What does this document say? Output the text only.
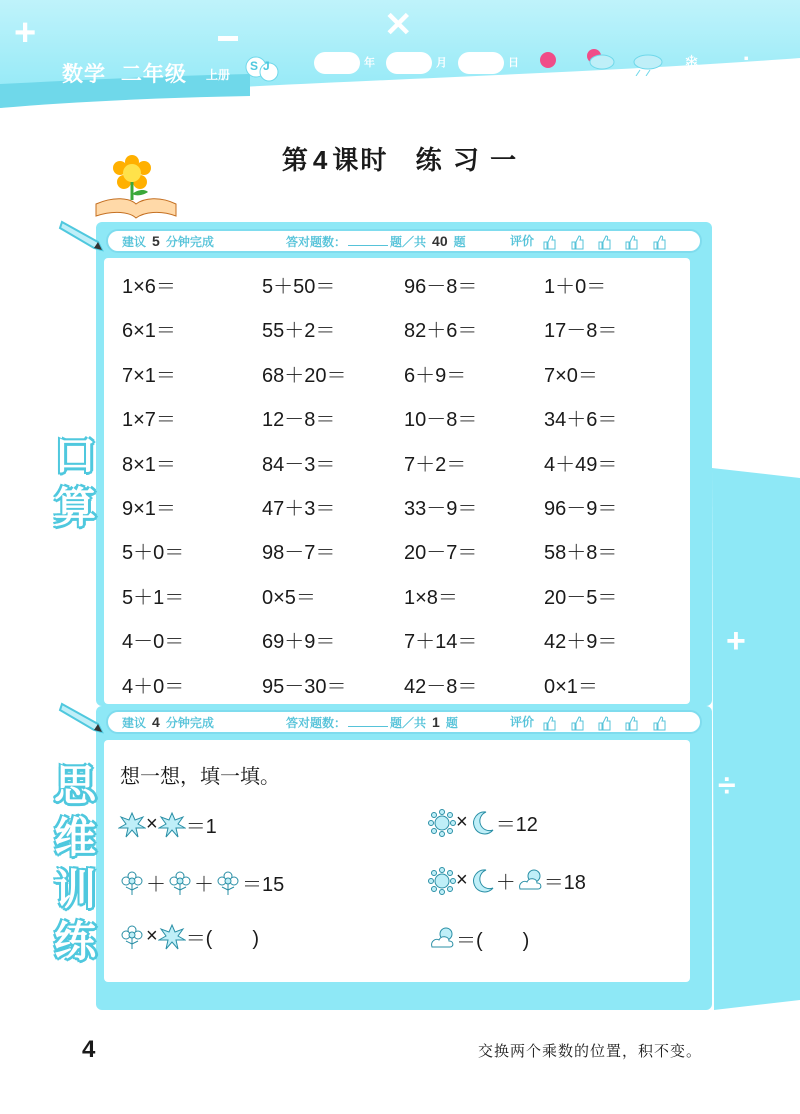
+	✕
÷
数学 二年级 上册
SJ	年	月	日	❄
+
÷
第 4 课时 练 习 一
建议 5 分钟完成	答对题数：	题／共 40 题	评价
口算
1×6＝	5＋50＝	96－8＝	1＋0＝
6×1＝	55＋2＝	82＋6＝	17－8＝
7×1＝	68＋20＝	6＋9＝	7×0＝
1×7＝	12－8＝	10－8＝	34＋6＝
8×1＝	84－3＝	7＋2＝	4＋49＝
9×1＝	47＋3＝	33－9＝	96－9＝
5＋0＝	98－7＝	20－7＝	58＋8＝
5＋1＝	0×5＝	1×8＝	20－5＝
4－0＝	69＋9＝	7＋14＝	42＋9＝
4＋0＝	95－30＝	42－8＝	0×1＝
建议 4 分钟完成	答对题数：	题／共 1 题	评价
思维训练
想一想，填一填。
× ＝1
＋ ＋ ＝15
× ＝(　　)
× ＝12
× ＋ ＝18
＝(　　)
4	交换两个乘数的位置，积不变。
